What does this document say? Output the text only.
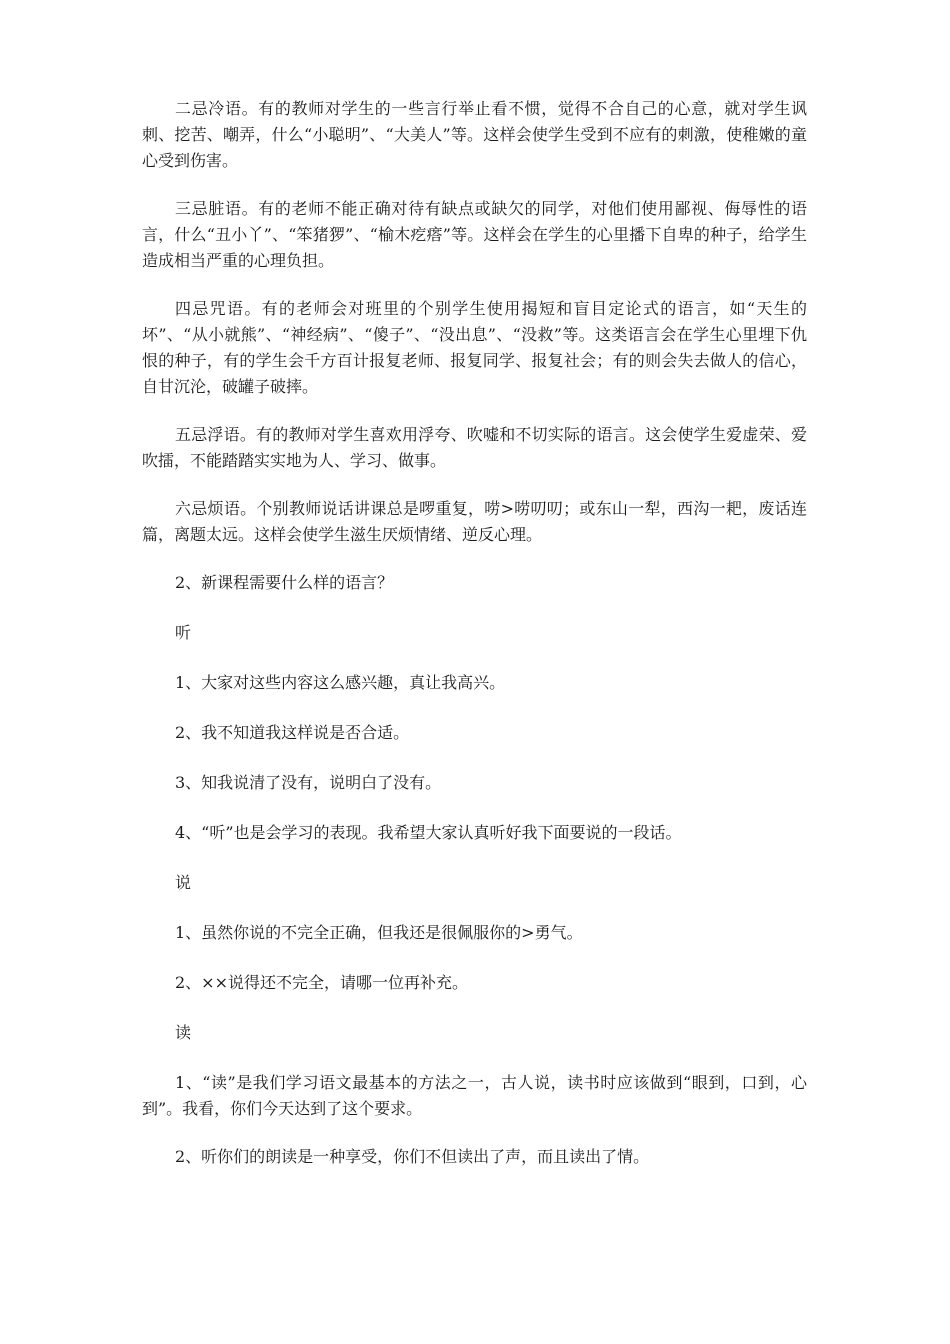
二忌冷语。有的教师对学生的一些言行举止看不惯，觉得不合自己的心意，就对学生讽刺、挖苦、嘲弄，什么“小聪明”、“大美人”等。这样会使学生受到不应有的刺激，使稚嫩的童心受到伤害。

三忌脏语。有的老师不能正确对待有缺点或缺欠的同学，对他们使用鄙视、侮辱性的语言，什么“丑小丫”、“笨猪猡”、“榆木疙瘩”等。这样会在学生的心里播下自卑的种子，给学生造成相当严重的心理负担。

四忌咒语。有的老师会对班里的个别学生使用揭短和盲目定论式的语言，如“天生的坏”、“从小就熊”、“神经病”、“傻子”、“没出息”、“没救”等。这类语言会在学生心里埋下仇恨的种子，有的学生会千方百计报复老师、报复同学、报复社会；有的则会失去做人的信心，自甘沉沦，破罐子破摔。

五忌浮语。有的教师对学生喜欢用浮夸、吹嘘和不切实际的语言。这会使学生爱虚荣、爱吹擂，不能踏踏实实地为人、学习、做事。

六忌烦语。个别教师说话讲课总是啰重复，唠>唠叨叨；或东山一犁，西沟一耙，废话连篇，离题太远。这样会使学生滋生厌烦情绪、逆反心理。

2、新课程需要什么样的语言？

听

1、大家对这些内容这么感兴趣，真让我高兴。

2、我不知道我这样说是否合适。

3、知我说清了没有，说明白了没有。

4、“听”也是会学习的表现。我希望大家认真听好我下面要说的一段话。

说

1、虽然你说的不完全正确，但我还是很佩服你的>勇气。

2、××说得还不完全，请哪一位再补充。

读

1、“读”是我们学习语文最基本的方法之一，古人说，读书时应该做到“眼到，口到，心到”。我看，你们今天达到了这个要求。

2、听你们的朗读是一种享受，你们不但读出了声，而且读出了情。
